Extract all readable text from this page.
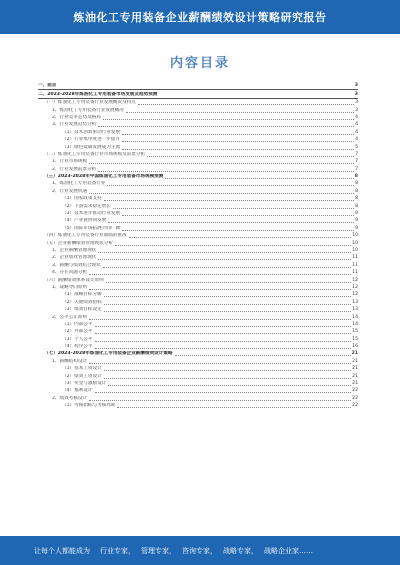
炼油化工专用装备企业薪酬绩效设计策略研究报告
内容目录
一、前言	3
二、2023-2028年炼油化工专用装备市场发展及趋势预测	3
（一）炼油化工专用装备行业发展概况及特点	3
1、炼油化工专用装备行业发展概况	3
2、行业竞争态势及格局	4
3、行业发展趋势分析	4
（1）技术创新驱动行业发展	4
（2）行业集中度进一步提升	4
（3）绿色低碳发展成为主流	5
（二）炼油化工专用装备行业市场规模及前景分析	7
1、行业市场规模	7
2、行业发展前景分析	7
（三）2023-2028年中国炼油化工专用装备市场规模预测	8
1、炼油化工专用装备行业	8
2、行业发展机遇	8
（1）国家政策支持	8
（2）下游需求稳定增长	8
（3）技术进步推动行业发展	9
（4）产业链协同发展	9
（5）国际市场拓展空间广阔	9
（四）炼油化工专用装备行业面临的挑战	10
（五）企业薪酬绩效管理现状分析	10
1、企业薪酬管理现状	10
2、企业绩效管理现状	11
3、薪酬与绩效结合现状	11
4、存在问题分析	11
（六）薪酬绩效体系设计原则	12
1、战略导向原则	12
（1）战略目标分解	12
（2）关键绩效指标	13
（3）绩效目标设定	13
2、公平公正原则	14
（1）内部公平	14
（2）外部公平	15
（3）个人公平	15
（4）程序公平	16
（七）2023-2028年炼油化工专用装备企业薪酬绩效设计策略	21
1、薪酬结构设计	21
（1）基本工资设计	21
（2）绩效工资设计	21
（3）奖金与激励设计	21
（4）福利设计	22
2、绩效考核设计	22
（1）考核指标与考核周期	22
让每个人都能成为 行业专家， 管理专家， 咨询专家， 战略专家， 战略企业家……
